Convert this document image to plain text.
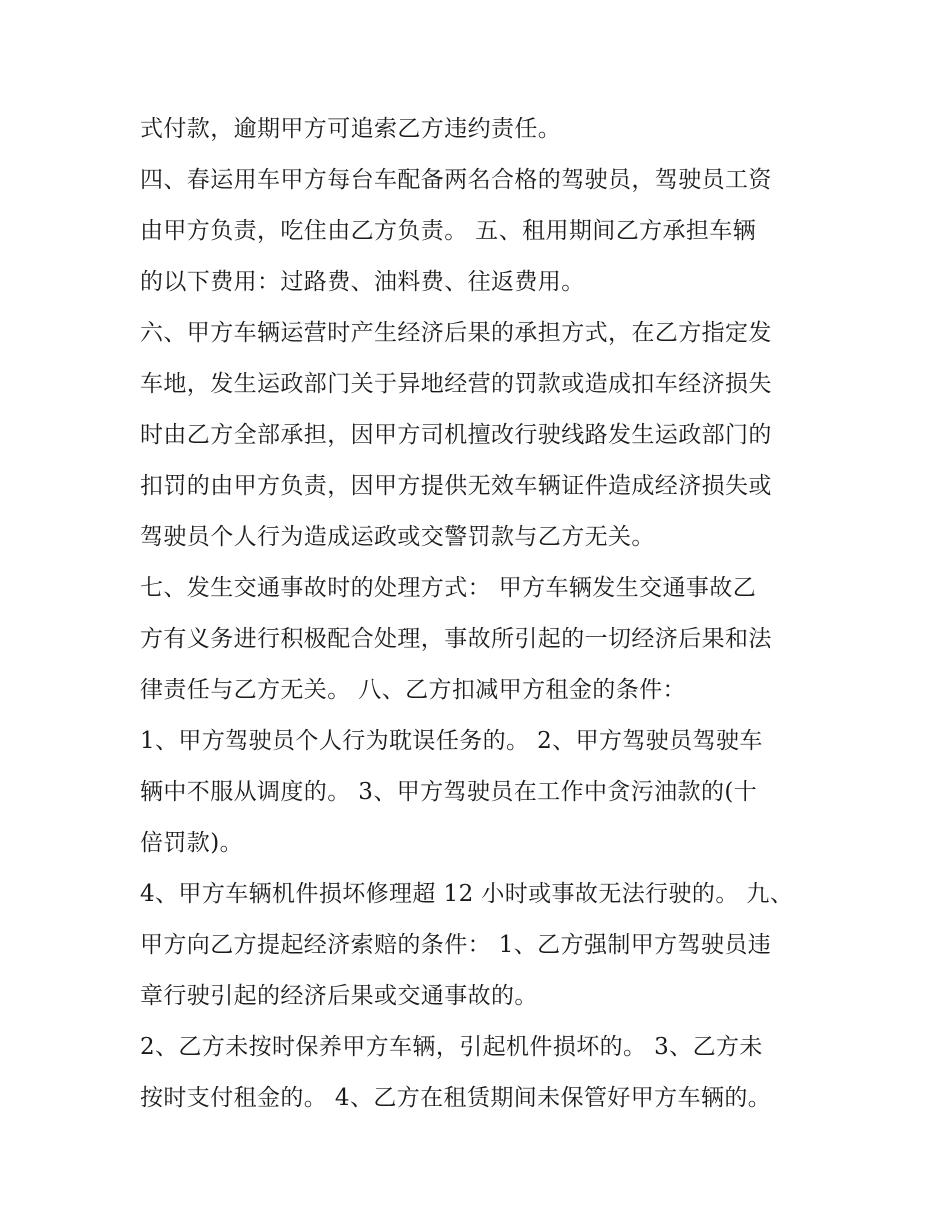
式付款，逾期甲方可追索乙方违约责任。
四、春运用车甲方每台车配备两名合格的驾驶员，驾驶员工资
由甲方负责，吃住由乙方负责。 五、租用期间乙方承担车辆
的以下费用：过路费、油料费、往返费用。
六、甲方车辆运营时产生经济后果的承担方式，在乙方指定发
车地，发生运政部门关于异地经营的罚款或造成扣车经济损失
时由乙方全部承担，因甲方司机擅改行驶线路发生运政部门的
扣罚的由甲方负责，因甲方提供无效车辆证件造成经济损失或
驾驶员个人行为造成运政或交警罚款与乙方无关。
七、发生交通事故时的处理方式： 甲方车辆发生交通事故乙
方有义务进行积极配合处理，事故所引起的一切经济后果和法
律责任与乙方无关。 八、乙方扣减甲方租金的条件：
1、甲方驾驶员个人行为耽误任务的。 2、甲方驾驶员驾驶车
辆中不服从调度的。 3、甲方驾驶员在工作中贪污油款的(十
倍罚款)。
4、甲方车辆机件损坏修理超 12 小时或事故无法行驶的。 九、
甲方向乙方提起经济索赔的条件： 1、乙方强制甲方驾驶员违
章行驶引起的经济后果或交通事故的。
2、乙方未按时保养甲方车辆，引起机件损坏的。 3、乙方未
按时支付租金的。 4、乙方在租赁期间未保管好甲方车辆的。
